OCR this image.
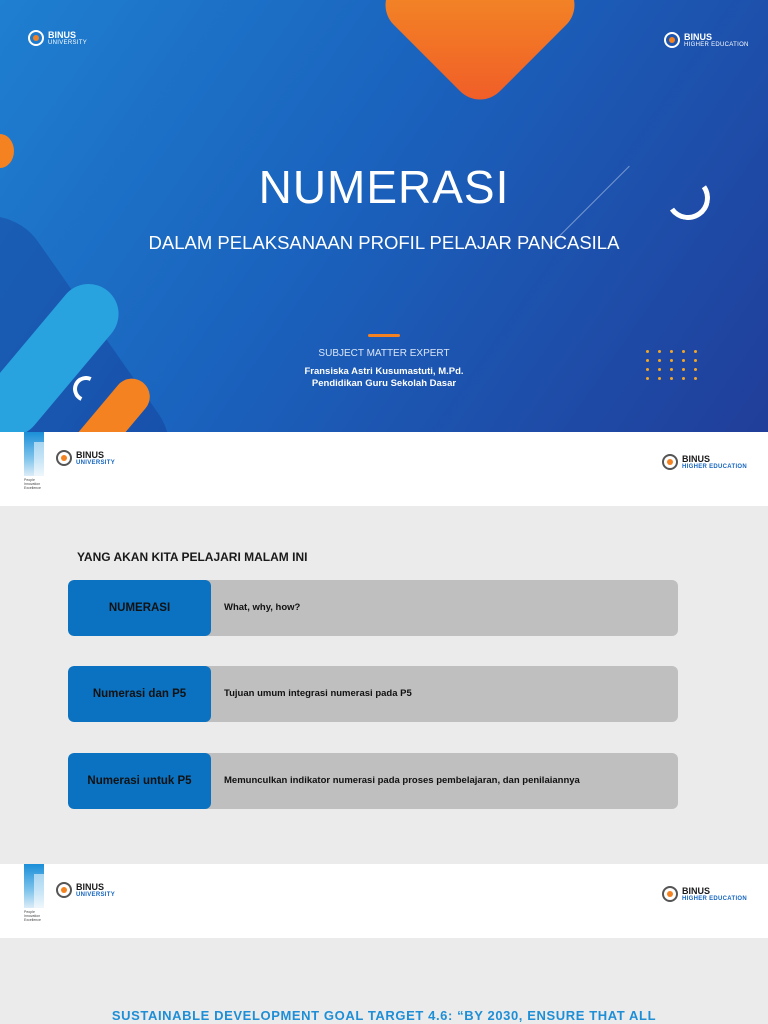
BINUS
UNIVERSITY
BINUS
HIGHER EDUCATION
NUMERASI
DALAM PELAKSANAAN PROFIL PELAJAR PANCASILA
SUBJECT MATTER EXPERT
Fransiska Astri Kusumastuti, M.Pd.
Pendidikan Guru Sekolah Dasar
People
Innovation
Excellence
BINUS
UNIVERSITY	BINUS
HIGHER EDUCATION
YANG AKAN KITA PELAJARI MALAM INI
NUMERASI	What, why, how?
Numerasi dan P5	Tujuan umum integrasi numerasi pada P5
Numerasi untuk P5	Memunculkan indikator numerasi pada proses pembelajaran, dan penilaiannya
People
Innovation
Excellence
BINUS
UNIVERSITY	BINUS
HIGHER EDUCATION
SUSTAINABLE DEVELOPMENT GOAL TARGET 4.6: “BY 2030, ENSURE THAT ALL
